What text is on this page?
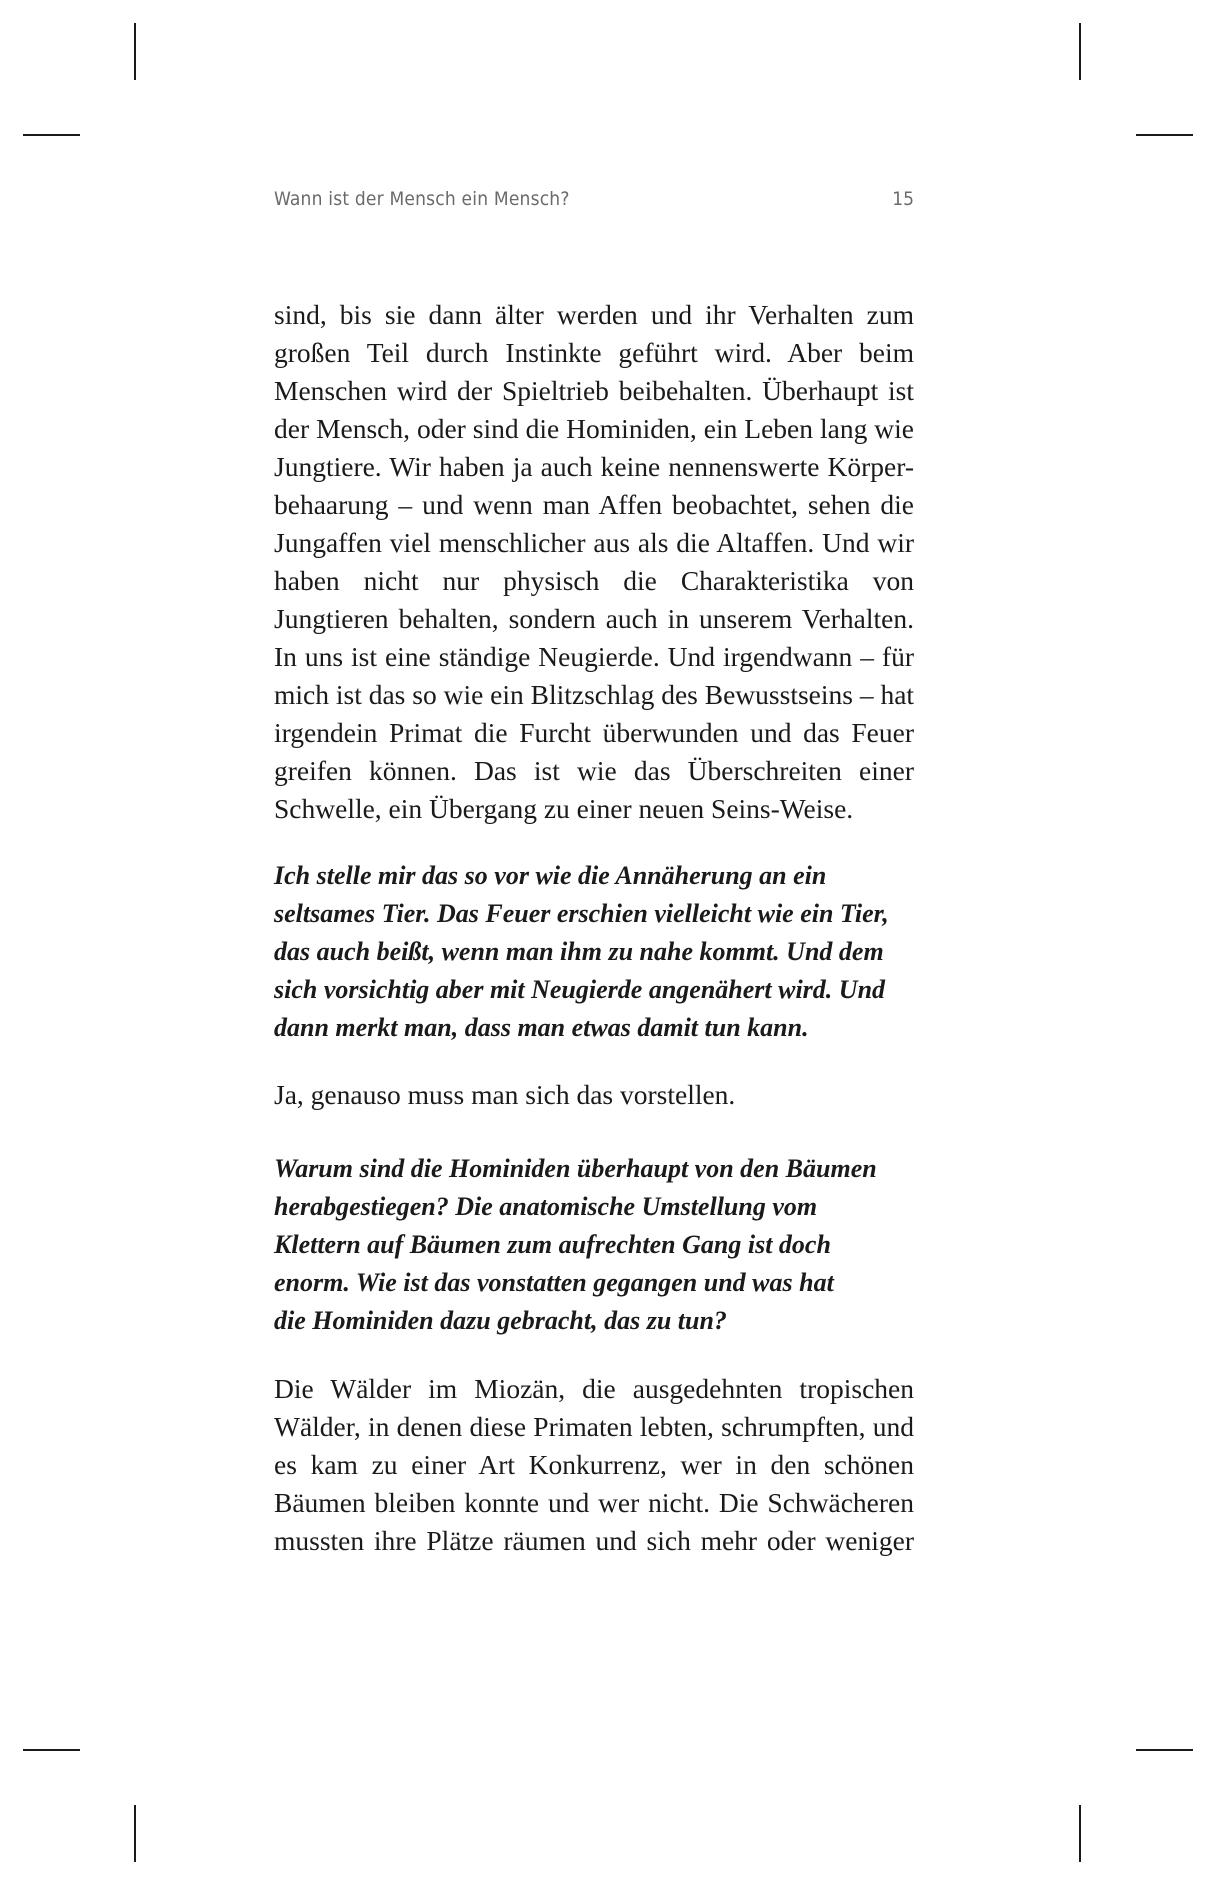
Wann ist der Mensch ein Mensch?	15
sind, bis sie dann älter werden und ihr Verhalten zum
großen Teil durch Instinkte geführt wird. Aber beim
Menschen wird der Spieltrieb beibehalten. Überhaupt ist
der Mensch, oder sind die Hominiden, ein Leben lang wie
Jungtiere. Wir haben ja auch keine nennenswerte Körper-
behaarung – und wenn man Affen beobachtet, sehen die
Jungaffen viel menschlicher aus als die Altaffen. Und wir
haben nicht nur physisch die Charakteristika von
Jungtieren behalten, sondern auch in unserem Verhalten.
In uns ist eine ständige Neugierde. Und irgendwann – für
mich ist das so wie ein Blitzschlag des Bewusstseins – hat
irgendein Primat die Furcht überwunden und das Feuer
greifen können. Das ist wie das Überschreiten einer
Schwelle, ein Übergang zu einer neuen Seins-Weise.
Ich stelle mir das so vor wie die Annäherung an ein
seltsames Tier. Das Feuer erschien vielleicht wie ein Tier,
das auch beißt, wenn man ihm zu nahe kommt. Und dem
sich vorsichtig aber mit Neugierde angenähert wird. Und
dann merkt man, dass man etwas damit tun kann.
Ja, genauso muss man sich das vorstellen.
Warum sind die Hominiden überhaupt von den Bäumen
herabgestiegen? Die anatomische Umstellung vom
Klettern auf Bäumen zum aufrechten Gang ist doch
enorm. Wie ist das vonstatten gegangen und was hat
die Hominiden dazu gebracht, das zu tun?
Die Wälder im Miozän, die ausgedehnten tropischen
Wälder, in denen diese Primaten lebten, schrumpften, und
es kam zu einer Art Konkurrenz, wer in den schönen
Bäumen bleiben konnte und wer nicht. Die Schwächeren
mussten ihre Plätze räumen und sich mehr oder weniger
